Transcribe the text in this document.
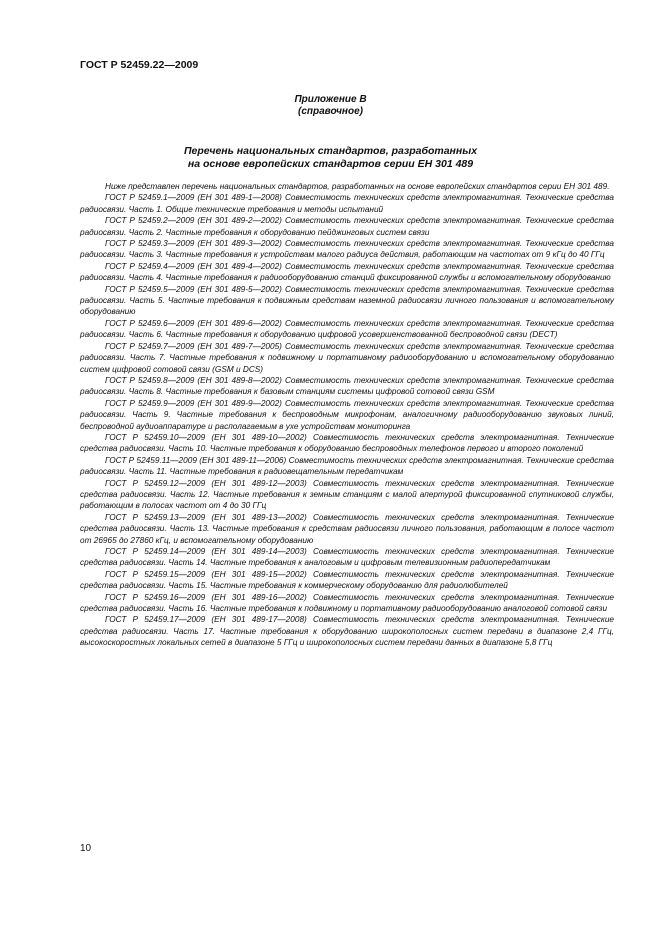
ГОСТ Р 52459.22—2009
Приложение В
(справочное)
Перечень национальных стандартов, разработанных
на основе европейских стандартов серии ЕН 301 489

Ниже представлен перечень национальных стандартов, разработанных на основе европейских стандартов серии ЕН 301 489.

ГОСТ Р 52459.1—2009 (ЕН 301 489-1—2008) Совместимость технических средств электромагнитная. Технические средства радиосвязи. Часть 1. Общие технические требования и методы испытаний

ГОСТ Р 52459.2—2009 (ЕН 301 489-2—2002) Совместимость технических средств электромагнитная. Технические средства радиосвязи. Часть 2. Частные требования к оборудованию пейджинговых систем связи

ГОСТ Р 52459.3—2009 (ЕН 301 489-3—2002) Совместимость технических средств электромагнитная. Технические средства радиосвязи. Часть 3. Частные требования к устройствам малого радиуса действия, работающим на частотах от 9 кГц до 40 ГГц

ГОСТ Р 52459.4—2009 (ЕН 301 489-4—2002) Совместимость технических средств электромагнитная. Технические средства радиосвязи. Часть 4. Частные требования к радиооборудованию станций фиксированной службы и вспомогательному оборудованию

ГОСТ Р 52459.5—2009 (ЕН 301 489-5—2002) Совместимость технических средств электромагнитная. Технические средства радиосвязи. Часть 5. Частные требования к подвижным средствам наземной радиосвязи личного пользования и вспомогательному оборудованию

ГОСТ Р 52459.6—2009 (ЕН 301 489-6—2002) Совместимость технических средств электромагнитная. Технические средства радиосвязи. Часть 6. Частные требования к оборудованию цифровой усовершенствованной беспроводной связи (DECT)

ГОСТ Р 52459.7—2009 (ЕН 301 489-7—2005) Совместимость технических средств электромагнитная. Технические средства радиосвязи. Часть 7. Частные требования к подвижному и портативному радиооборудованию и вспомогательному оборудованию систем цифровой сотовой связи (GSM и DCS)

ГОСТ Р 52459.8—2009 (ЕН 301 489-8—2002) Совместимость технических средств электромагнитная. Технические средства радиосвязи. Часть 8. Частные требования к базовым станциям системы цифровой сотовой связи GSM

ГОСТ Р 52459.9—2009 (ЕН 301 489-9—2002) Совместимость технических средств электромагнитная. Технические средства радиосвязи. Часть 9. Частные требования к беспроводным микрофонам, аналогичному радиооборудованию звуковых линий, беспроводной аудиоаппаратуре и располагаемым в ухе устройствам мониторинга

ГОСТ Р 52459.10—2009 (ЕН 301 489-10—2002) Совместимость технических средств электромагнитная. Технические средства радиосвязи. Часть 10. Частные требования к оборудованию беспроводных телефонов первого и второго поколений

ГОСТ Р 52459.11—2009 (ЕН 301 489-11—2006) Совместимость технических средств электромагнитная. Технические средства радиосвязи. Часть 11. Частные требования к радиовещательным передатчикам

ГОСТ Р 52459.12—2009 (ЕН 301 489-12—2003) Совместимость технических средств электромагнитная. Технические средства радиосвязи. Часть 12. Частные требования к земным станциям с малой апертурой фиксированной спутниковой службы, работающим в полосах частот от 4 до 30 ГГц

ГОСТ Р 52459.13—2009 (ЕН 301 489-13—2002) Совместимость технических средств электромагнитная. Технические средства радиосвязи. Часть 13. Частные требования к средствам радиосвязи личного пользования, работающим в полосе частот от 26965 до 27860 кГц, и вспомогательному оборудованию

ГОСТ Р 52459.14—2009 (ЕН 301 489-14—2003) Совместимость технических средств электромагнитная. Технические средства радиосвязи. Часть 14. Частные требования к аналоговым и цифровым телевизионным радиопередатчикам

ГОСТ Р 52459.15—2009 (ЕН 301 489-15—2002) Совместимость технических средств электромагнитная. Технические средства радиосвязи. Часть 15. Частные требования к коммерческому оборудованию для радиолюбителей

ГОСТ Р 52459.16—2009 (ЕН 301 489-16—2002) Совместимость технических средств электромагнитная. Технические средства радиосвязи. Часть 16. Частные требования к подвижному и портативному радиооборудованию аналоговой сотовой связи

ГОСТ Р 52459.17—2009 (ЕН 301 489-17—2008) Совместимость технических средств электромагнитная. Технические средства радиосвязи. Часть 17. Частные требования к оборудованию широкополосных систем передачи в диапазоне 2,4 ГГц, высокоскоростных локальных сетей в диапазоне 5 ГГц и широкополосных систем передачи данных в диапазоне 5,8 ГГц

10
